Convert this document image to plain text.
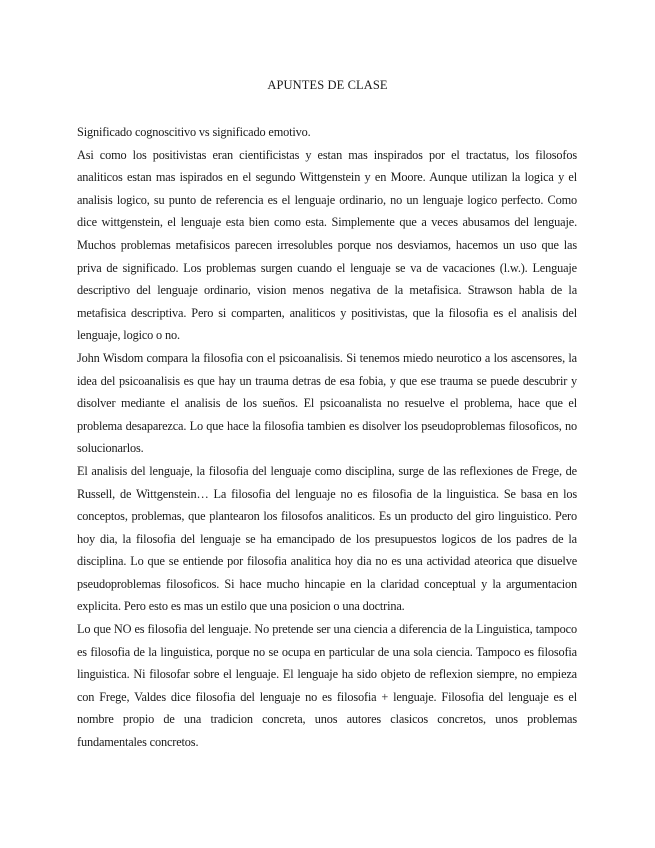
APUNTES DE CLASE

Significado cognoscitivo vs significado emotivo.

Asi como los positivistas eran cientificistas y estan mas inspirados por el tractatus, los filosofos analiticos estan mas ispirados en el segundo Wittgenstein y en Moore. Aunque utilizan la logica y el analisis logico, su punto de referencia es el lenguaje ordinario, no un lenguaje logico perfecto. Como dice wittgenstein, el lenguaje esta bien como esta. Simplemente que a veces abusamos del lenguaje. Muchos problemas metafisicos parecen irresolubles porque nos desviamos, hacemos un uso que las priva de significado. Los problemas surgen cuando el lenguaje se va de vacaciones (l.w.). Lenguaje descriptivo del lenguaje ordinario, vision menos negativa de la metafisica. Strawson habla de la metafisica descriptiva. Pero si comparten, analiticos y positivistas, que la filosofia es el analisis del lenguaje, logico o no.

John Wisdom compara la filosofia con el psicoanalisis. Si tenemos miedo neurotico a los ascensores, la idea del psicoanalisis es que hay un trauma detras de esa fobia, y que ese trauma se puede descubrir y disolver mediante el analisis de los sueños. El psicoanalista no resuelve el problema, hace que el problema desaparezca. Lo que hace la filosofia tambien es disolver los pseudoproblemas filosoficos, no solucionarlos.

El analisis del lenguaje, la filosofia del lenguaje como disciplina, surge de las reflexiones de Frege, de Russell, de Wittgenstein… La filosofia del lenguaje no es filosofia de la linguistica. Se basa en los conceptos, problemas, que plantearon los filosofos analiticos. Es un producto del giro linguistico. Pero hoy dia, la filosofia del lenguaje se ha emancipado de los presupuestos logicos de los padres de la disciplina. Lo que se entiende por filosofia analitica hoy dia no es una actividad ateorica que disuelve pseudoproblemas filosoficos. Si hace mucho hincapie en la claridad conceptual y la argumentacion explicita. Pero esto es mas un estilo que una posicion o una doctrina.

Lo que NO es filosofia del lenguaje. No pretende ser una ciencia a diferencia de la Linguistica, tampoco es filosofia de la linguistica, porque no se ocupa en particular de una sola ciencia. Tampoco es filosofia linguistica. Ni filosofar sobre el lenguaje. El lenguaje ha sido objeto de reflexion siempre, no empieza con Frege, Valdes dice filosofia del lenguaje no es filosofia + lenguaje. Filosofia del lenguaje es el nombre propio de una tradicion concreta, unos autores clasicos concretos, unos problemas fundamentales concretos.
